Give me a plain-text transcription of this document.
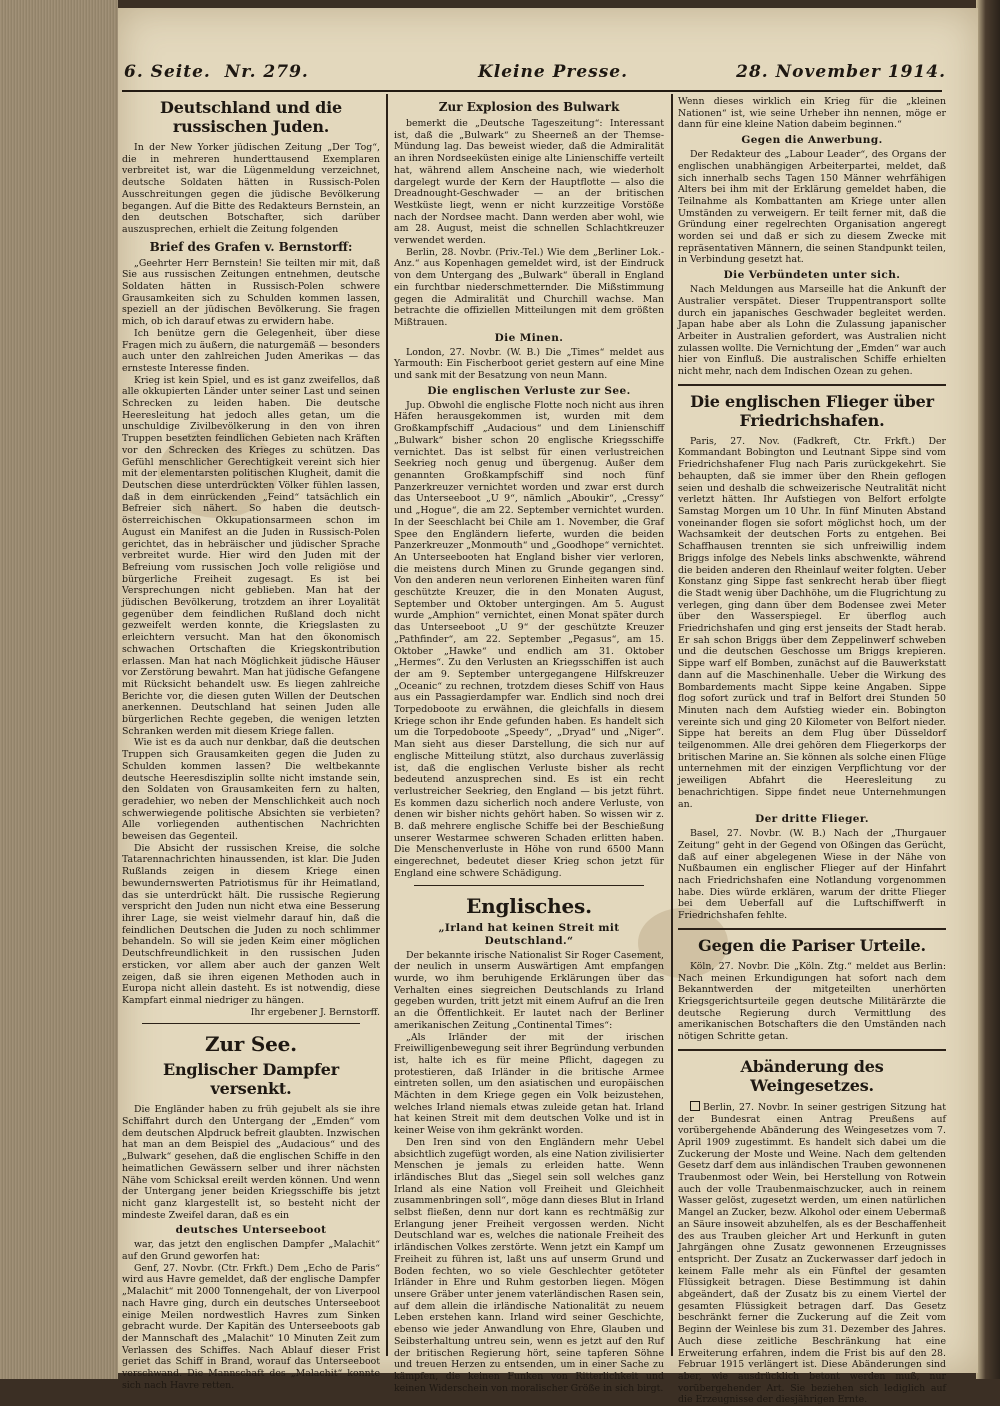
6. Seite. Nr. 279.	Kleine Presse.	28. November 1914.
Deutschland und die russischen Juden.

In der New Yorker jüdischen Zeitung „Der Tog“, die in mehreren hunderttausend Exemplaren verbreitet ist, war die Lügenmeldung verzeichnet, deutsche Soldaten hätten in Russisch-Polen Ausschreitungen gegen die jüdische Bevölkerung begangen. Auf die Bitte des Redakteurs Bernstein, an den deutschen Botschafter, sich darüber auszusprechen, erhielt die Zeitung folgenden

Brief des Grafen v. Bernstorff:

„Geehrter Herr Bernstein! Sie teilten mir mit, daß Sie aus russischen Zeitungen entnehmen, deutsche Soldaten hätten in Russisch-Polen schwere Grausamkeiten sich zu Schulden kommen lassen, speziell an der jüdischen Bevölkerung. Sie fragen mich, ob ich darauf etwas zu erwidern habe.

Ich benütze gern die Gelegenheit, über diese Fragen mich zu äußern, die naturgemäß — besonders auch unter den zahlreichen Juden Amerikas — das ernsteste Interesse finden.

Krieg ist kein Spiel, und es ist ganz zweifellos, daß alle okkupierten Länder unter seiner Last und seinen Schrecken zu leiden haben. Die deutsche Heeresleitung hat jedoch alles getan, um die unschuldige Zivilbevölkerung in den von ihren Truppen besetzten feindlichen Gebieten nach Kräften vor den Schrecken des Krieges zu schützen. Das Gefühl menschlicher Gerechtigkeit vereint sich hier mit der elementarsten politischen Klugheit, damit die Deutschen diese unterdrückten Völker fühlen lassen, daß in dem einrückenden „Feind“ tatsächlich ein Befreier sich nähert. So haben die deutsch-österreichischen Okkupationsarmeen schon im August ein Manifest an die Juden in Russisch-Polen gerichtet, das in hebräischer und jüdischer Sprache verbreitet wurde. Hier wird den Juden mit der Befreiung vom russischen Joch volle religiöse und bürgerliche Freiheit zugesagt. Es ist bei Versprechungen nicht geblieben. Man hat der jüdischen Bevölkerung, trotzdem an ihrer Loyalität gegenüber dem feindlichen Rußland doch nicht gezweifelt werden konnte, die Kriegslasten zu erleichtern versucht. Man hat den ökonomisch schwachen Ortschaften die Kriegskontribution erlassen. Man hat nach Möglichkeit jüdische Häuser vor Zerstörung bewahrt. Man hat jüdische Gefangene mit Rücksicht behandelt usw. Es liegen zahlreiche Berichte vor, die diesen guten Willen der Deutschen anerkennen. Deutschland hat seinen Juden alle bürgerlichen Rechte gegeben, die wenigen letzten Schranken werden mit diesem Kriege fallen.

Wie ist es da auch nur denkbar, daß die deutschen Truppen sich Grausamkeiten gegen die Juden zu Schulden kommen lassen? Die weltbekannte deutsche Heeresdisziplin sollte nicht imstande sein, den Soldaten von Grausamkeiten fern zu halten, geradehier, wo neben der Menschlichkeit auch noch schwerwiegende politische Absichten sie verbieten? Alle vorliegenden authentischen Nachrichten beweisen das Gegenteil.

Die Absicht der russischen Kreise, die solche Tatarennachrichten hinaussenden, ist klar. Die Juden Rußlands zeigen in diesem Kriege einen bewundernswerten Patriotismus für ihr Heimatland, das sie unterdrückt hält. Die russische Regierung verspricht den Juden nun nicht etwa eine Besserung ihrer Lage, sie weist vielmehr darauf hin, daß die feindlichen Deutschen die Juden zu noch schlimmer behandeln. So will sie jeden Keim einer möglichen Deutschfreundlichkeit in den russischen Juden ersticken, vor allem aber auch der ganzen Welt zeigen, daß sie ihren eigenen Methoden auch in Europa nicht allein dasteht. Es ist notwendig, diese Kampfart einmal niedriger zu hängen.

Ihr ergebener J. Bernstorff.

Zur See.
Englischer Dampfer versenkt.

Die Engländer haben zu früh gejubelt als sie ihre Schiffahrt durch den Untergang der „Emden“ vom dem deutschen Alpdruck befreit glaubten. Inzwischen hat man an dem Beispiel des „Audacious“ und des „Bulwark“ gesehen, daß die englischen Schiffe in den heimatlichen Gewässern selber und ihrer nächsten Nähe vom Schicksal ereilt werden können. Und wenn der Untergang jener beiden Kriegsschiffe bis jetzt nicht ganz klargestellt ist, so besteht nicht der mindeste Zweifel daran, daß es ein

deutsches Unterseeboot

war, das jetzt den englischen Dampfer „Malachit“ auf den Grund geworfen hat:

Genf, 27. Novbr. (Ctr. Frkft.) Dem „Echo de Paris“ wird aus Havre gemeldet, daß der englische Dampfer „Malachit“ mit 2000 Tonnengehalt, der von Liverpool nach Havre ging, durch ein deutsches Unterseeboot einige Meilen nordwestlich Havres zum Sinken gebracht wurde. Der Kapitän des Unterseeboots gab der Mannschaft des „Malachit“ 10 Minuten Zeit zum Verlassen des Schiffes. Nach Ablauf dieser Frist geriet das Schiff in Brand, worauf das Unterseeboot verschwand. Die Mannschaft des „Malachit“ konnte sich nach Havre retten.

Zur Explosion des Bulwark

bemerkt die „Deutsche Tageszeitung“: Interessant ist, daß die „Bulwark“ zu Sheerneß an der Themse-Mündung lag. Das beweist wieder, daß die Admiralität an ihren Nordseeküsten einige alte Linienschiffe verteilt hat, während allem Anscheine nach, wie wiederholt dargelegt wurde der Kern der Hauptflotte — also die Dreadnought-Geschwader — an der britischen Westküste liegt, wenn er nicht kurzzeitige Vorstöße nach der Nordsee macht. Dann werden aber wohl, wie am 28. August, meist die schnellen Schlachtkreuzer verwendet werden.

Berlin, 28. Novbr. (Priv.-Tel.) Wie dem „Berliner Lok.-Anz.“ aus Kopenhagen gemeldet wird, ist der Eindruck von dem Untergang des „Bulwark“ überall in England ein furchtbar niederschmetternder. Die Mißstimmung gegen die Admiralität und Churchill wachse. Man betrachte die offiziellen Mitteilungen mit dem größten Mißtrauen.

Die Minen.

London, 27. Novbr. (W. B.) Die „Times“ meldet aus Yarmouth: Ein Fischerboot geriet gestern auf eine Mine und sank mit der Besatzung von neun Mann.

Die englischen Verluste zur See.

Jup. Obwohl die englische Flotte noch nicht aus ihren Häfen herausgekommen ist, wurden mit dem Großkampfschiff „Audacious“ und dem Linienschiff „Bulwark“ bisher schon 20 englische Kriegsschiffe vernichtet. Das ist selbst für einen verlustreichen Seekrieg noch genug und übergenug. Außer dem genannten Großkampfschiff sind noch fünf Panzerkreuzer vernichtet worden und zwar erst durch das Unterseeboot „U 9“, nämlich „Aboukir“, „Cressy“ und „Hogue“, die am 22. September vernichtet wurden. In der Seeschlacht bei Chile am 1. November, die Graf Spee den Engländern lieferte, wurden die beiden Panzerkreuzer „Monmouth“ und „Goodhope“ vernichtet. An Unterseebooten hat England bisher vier verloren, die meistens durch Minen zu Grunde gegangen sind. Von den anderen neun verlorenen Einheiten waren fünf geschützte Kreuzer, die in den Monaten August, September und Oktober untergingen. Am 5. August wurde „Amphion“ vernichtet, einen Monat später durch das Unterseeboot „U 9“ der geschützte Kreuzer „Pathfinder“, am 22. September „Pegasus“, am 15. Oktober „Hawke“ und endlich am 31. Oktober „Hermes“. Zu den Verlusten an Kriegsschiffen ist auch der am 9. September untergegangene Hilfskreuzer „Oceanic“ zu rechnen, trotzdem dieses Schiff von Haus aus ein Passagierdampfer war. Endlich sind noch drei Torpedoboote zu erwähnen, die gleichfalls in diesem Kriege schon ihr Ende gefunden haben. Es handelt sich um die Torpedoboote „Speedy“, „Dryad“ und „Niger“. Man sieht aus dieser Darstellung, die sich nur auf englische Mitteilung stützt, also durchaus zuverlässig ist, daß die englischen Verluste bisher als recht bedeutend anzusprechen sind. Es ist ein recht verlustreicher Seekrieg, den England — bis jetzt führt. Es kommen dazu sicherlich noch andere Verluste, von denen wir bisher nichts gehört haben. So wissen wir z. B. daß mehrere englische Schiffe bei der Beschießung unserer Westarmee schweren Schaden erlitten haben. Die Menschenverluste in Höhe von rund 6500 Mann eingerechnet, bedeutet dieser Krieg schon jetzt für England eine schwere Schädigung.

Englisches.
„Irland hat keinen Streit mit Deutschland.“

Der bekannte irische Nationalist Sir Roger Casement, der neulich in unserm Auswärtigen Amt empfangen wurde, wo ihm beruhigende Erklärungen über das Verhalten eines siegreichen Deutschlands zu Irland gegeben wurden, tritt jetzt mit einem Aufruf an die Iren an die Öffentlichkeit. Er lautet nach der Berliner amerikanischen Zeitung „Continental Times“:

„Als Irländer der mit der irischen Freiwilligenbewegung seit ihrer Begründung verbunden ist, halte ich es für meine Pflicht, dagegen zu protestieren, daß Irländer in die britische Armee eintreten sollen, um den asiatischen und europäischen Mächten in dem Kriege gegen ein Volk beizustehen, welches Irland niemals etwas zuleide getan hat. Irland hat keinen Streit mit dem deutschen Volke und ist in keiner Weise von ihm gekränkt worden.

Den Iren sind von den Engländern mehr Uebel absichtlich zugefügt worden, als eine Nation zivilisierter Menschen je jemals zu erleiden hatte. Wenn irländisches Blut das „Siegel sein soll welches ganz Irland als eine Nation voll Freiheit und Gleichheit zusammenbringen soll“, möge dann dieses Blut in Irland selbst fließen, denn nur dort kann es rechtmäßig zur Erlangung jener Freiheit vergossen werden. Nicht Deutschland war es, welches die nationale Freiheit des irländischen Volkes zerstörte. Wenn jetzt ein Kampf um Freiheit zu führen ist, laßt uns auf unserm Grund und Boden fechten, wo so viele Geschlechter getöteter Irländer in Ehre und Ruhm gestorben liegen. Mögen unsere Gräber unter jenem vaterländischen Rasen sein, auf dem allein die irländische Nationalität zu neuem Leben erstehen kann. Irland wird seiner Geschichte, ebenso wie jeder Anwandlung von Ehre, Glauben und Seibsterhaltung untreu sein, wenn es jetzt auf den Ruf der britischen Regierung hört, seine tapferen Söhne und treuen Herzen zu entsenden, um in einer Sache zu kämpfen, die keinen Funken von Ritterlichkeit und keinen Widerschein von moralischer Größe in sich birgt.

Wenn dieses wirklich ein Krieg für die „kleinen Nationen“ ist, wie seine Urheber ihn nennen, möge er dann für eine kleine Nation dabeim beginnen.“

Gegen die Anwerbung.

Der Redakteur des „Labour Leader“, des Organs der englischen unabhängigen Arbeiterpartei, meldet, daß sich innerhalb sechs Tagen 150 Männer wehrfähigen Alters bei ihm mit der Erklärung gemeldet haben, die Teilnahme als Kombattanten am Kriege unter allen Umständen zu verweigern. Er teilt ferner mit, daß die Gründung einer regelrechten Organisation angeregt worden sei und daß er sich zu diesem Zwecke mit repräsentativen Männern, die seinen Standpunkt teilen, in Verbindung gesetzt hat.

Die Verbündeten unter sich.

Nach Meldungen aus Marseille hat die Ankunft der Australier verspätet. Dieser Truppentransport sollte durch ein japanisches Geschwader begleitet werden. Japan habe aber als Lohn die Zulassung japanischer Arbeiter in Australien gefordert, was Australien nicht zulassen wollte. Die Vernichtung der „Emden“ war auch hier von Einfluß. Die australischen Schiffe erhielten nicht mehr, nach dem Indischen Ozean zu gehen.

Die englischen Flieger über Friedrichshafen.

Paris, 27. Nov. (Fadkreft, Ctr. Frkft.) Der Kommandant Bobington und Leutnant Sippe sind vom Friedrichshafener Flug nach Paris zurückgekehrt. Sie behaupten, daß sie immer über den Rhein geflogen seien und deshalb die schweizerische Neutralität nicht verletzt hätten. Ihr Aufstiegen von Belfort erfolgte Samstag Morgen um 10 Uhr. In fünf Minuten Abstand voneinander flogen sie sofort möglichst hoch, um der Wachsamkeit der deutschen Forts zu entgehen. Bei Schaffhausen trennten sie sich unfreiwillig indem Briggs infolge des Nebels links abschwenkte, während die beiden anderen den Rheinlauf weiter folgten. Ueber Konstanz ging Sippe fast senkrecht herab über fliegt die Stadt wenig über Dachhöhe, um die Flugrichtung zu verlegen, ging dann über dem Bodensee zwei Meter über den Wasserspiegel. Er überflog auch Friedrichshafen und ging erst jenseits der Stadt herab. Er sah schon Briggs über dem Zeppelinwerf schweben und die deutschen Geschosse um Briggs krepieren. Sippe warf elf Bomben, zunächst auf die Bauwerkstatt dann auf die Maschinenhalle. Ueber die Wirkung des Bombardements macht Sippe keine Angaben. Sippe flog sofort zurück und traf in Belfort drei Stunden 50 Minuten nach dem Aufstieg wieder ein. Bobington vereinte sich und ging 20 Kilometer von Belfort nieder. Sippe hat bereits an dem Flug über Düsseldorf teilgenommen. Alle drei gehören dem Fliegerkorps der britischen Marine an. Sie können als solche einen Flüge unternehmen mit der einzigen Verpflichtung vor der jeweiligen Abfahrt die Heeresleitung zu benachrichtigen. Sippe findet neue Unternehmungen an.

Der dritte Flieger.

Basel, 27. Novbr. (W. B.) Nach der „Thurgauer Zeitung“ geht in der Gegend von Oßingen das Gerücht, daß auf einer abgelegenen Wiese in der Nähe von Nußbaumen ein englischer Flieger auf der Hinfahrt nach Friedrichshafen eine Notlandung vorgenommen habe. Dies würde erklären, warum der dritte Flieger bei dem Ueberfall auf die Luftschiffwerft in Friedrichshafen fehlte.

Gegen die Pariser Urteile.

Köln, 27. Novbr. Die „Köln. Ztg.“ meldet aus Berlin: Nach meinen Erkundigungen hat sofort nach dem Bekanntwerden der mitgeteilten unerhörten Kriegsgerichtsurteile gegen deutsche Militärärzte die deutsche Regierung durch Vermittlung des amerikanischen Botschafters die den Umständen nach nötigen Schritte getan.

Abänderung des Weingesetzes.

Berlin, 27. Novbr. In seiner gestrigen Sitzung hat der Bundesrat einen Antrag Preußens auf vorübergehende Abänderung des Weingesetzes vom 7. April 1909 zugestimmt. Es handelt sich dabei um die Zuckerung der Moste und Weine. Nach dem geltenden Gesetz darf dem aus inländischen Trauben gewonnenen Traubenmost oder Wein, bei Herstellung von Rotwein auch der volle Traubenmaischzucker, auch in reinem Wasser gelöst, zugesetzt werden, um einen natürlichen Mangel an Zucker, bezw. Alkohol oder einem Uebermaß an Säure insoweit abzuhelfen, als es der Beschaffenheit des aus Trauben gleicher Art und Herkunft in guten Jahrgängen ohne Zusatz gewonnenen Erzeugnisses entspricht. Der Zusatz an Zuckerwasser darf jedoch in keinem Falle mehr als ein Fünftel der gesamten Flüssigkeit betragen. Diese Bestimmung ist dahin abgeändert, daß der Zusatz bis zu einem Viertel der gesamten Flüssigkeit betragen darf. Das Gesetz beschränkt ferner die Zuckerung auf die Zeit vom Beginn der Weinlese bis zum 31. Dezember des Jahres. Auch diese zeitliche Beschränkung hat eine Erweiterung erfahren, indem die Frist bis auf den 28. Februar 1915 verlängert ist. Diese Abänderungen sind aber, wie ausdrücklich betont werden muß, nur vorübergehender Art. Sie beziehen sich lediglich auf die Erzeugnisse der diesjährigen Ernte.
